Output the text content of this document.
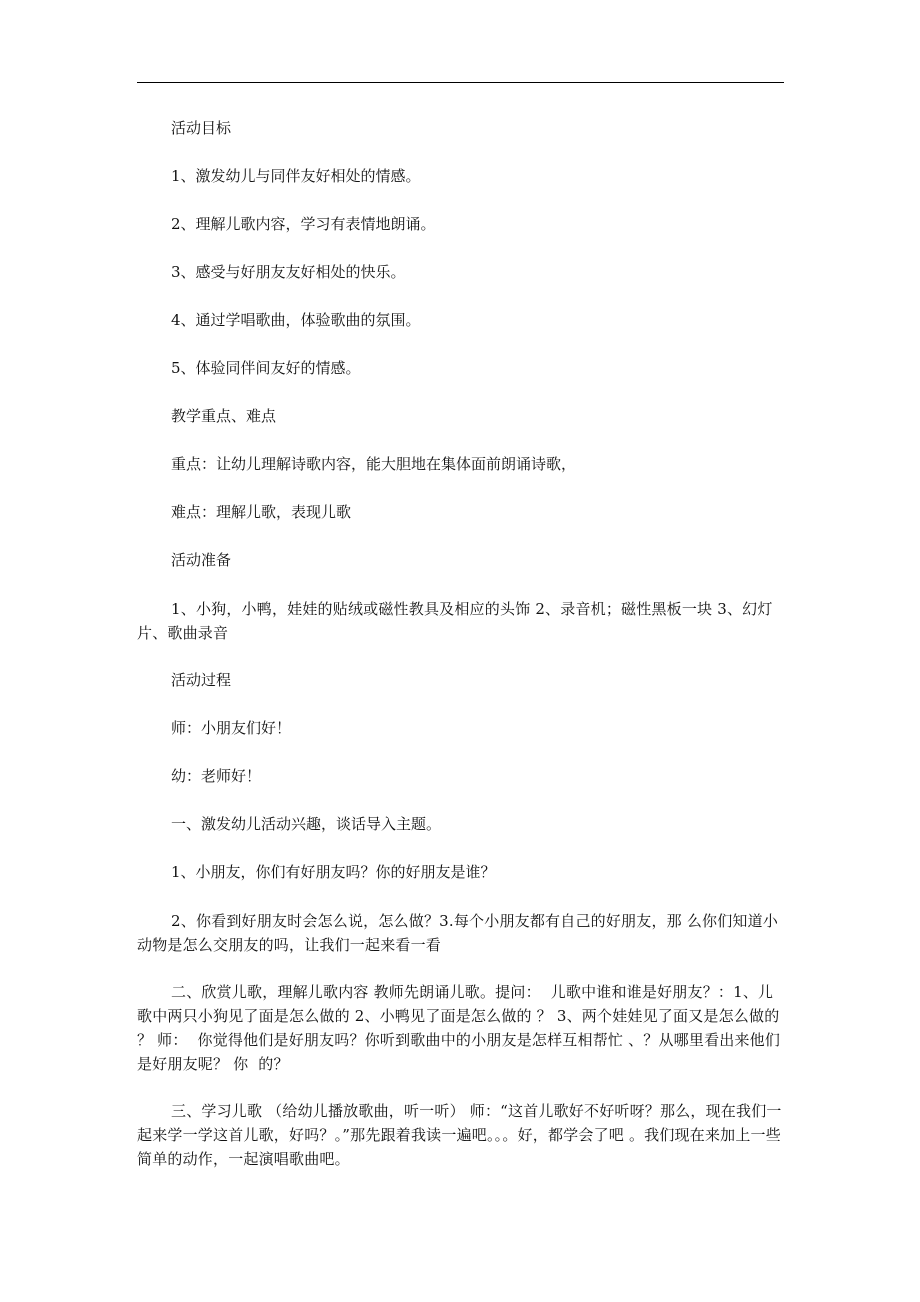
活动目标

1、激发幼儿与同伴友好相处的情感。

2、理解儿歌内容，学习有表情地朗诵。

3、感受与好朋友友好相处的快乐。

4、通过学唱歌曲，体验歌曲的氛围。

5、体验同伴间友好的情感。

教学重点、难点

重点：让幼儿理解诗歌内容，能大胆地在集体面前朗诵诗歌，

难点：理解儿歌，表现儿歌

活动准备

1、小狗，小鸭，娃娃的贴绒或磁性教具及相应的头饰 2、录音机；磁性黑板一块 3、幻灯片、歌曲录音

活动过程

师：小朋友们好！

幼：老师好！

一、激发幼儿活动兴趣，谈话导入主题。

1、小朋友，你们有好朋友吗？你的好朋友是谁？

2、你看到好朋友时会怎么说，怎么做？3.每个小朋友都有自己的好朋友，那 么你们知道小动物是怎么交朋友的吗，让我们一起来看一看

二、欣赏儿歌，理解儿歌内容 教师先朗诵儿歌。提问：  儿歌中谁和谁是好朋友？：1、儿歌中两只小狗见了面是怎么做的 2、小鸭见了面是怎么做的 ？ 3、两个娃娃见了面又是怎么做的 ？ 师：  你觉得他们是好朋友吗？你听到歌曲中的小朋友是怎样互相帮忙 、？从哪里看出来他们是好朋友呢？ 你  的？

三、学习儿歌 （给幼儿播放歌曲，听一听） 师：“这首儿歌好不好听呀？那么，现在我们一起来学一学这首儿歌，好吗？。”那先跟着我读一遍吧。。。好，都学会了吧 。我们现在来加上一些简单的动作，一起演唱歌曲吧。
